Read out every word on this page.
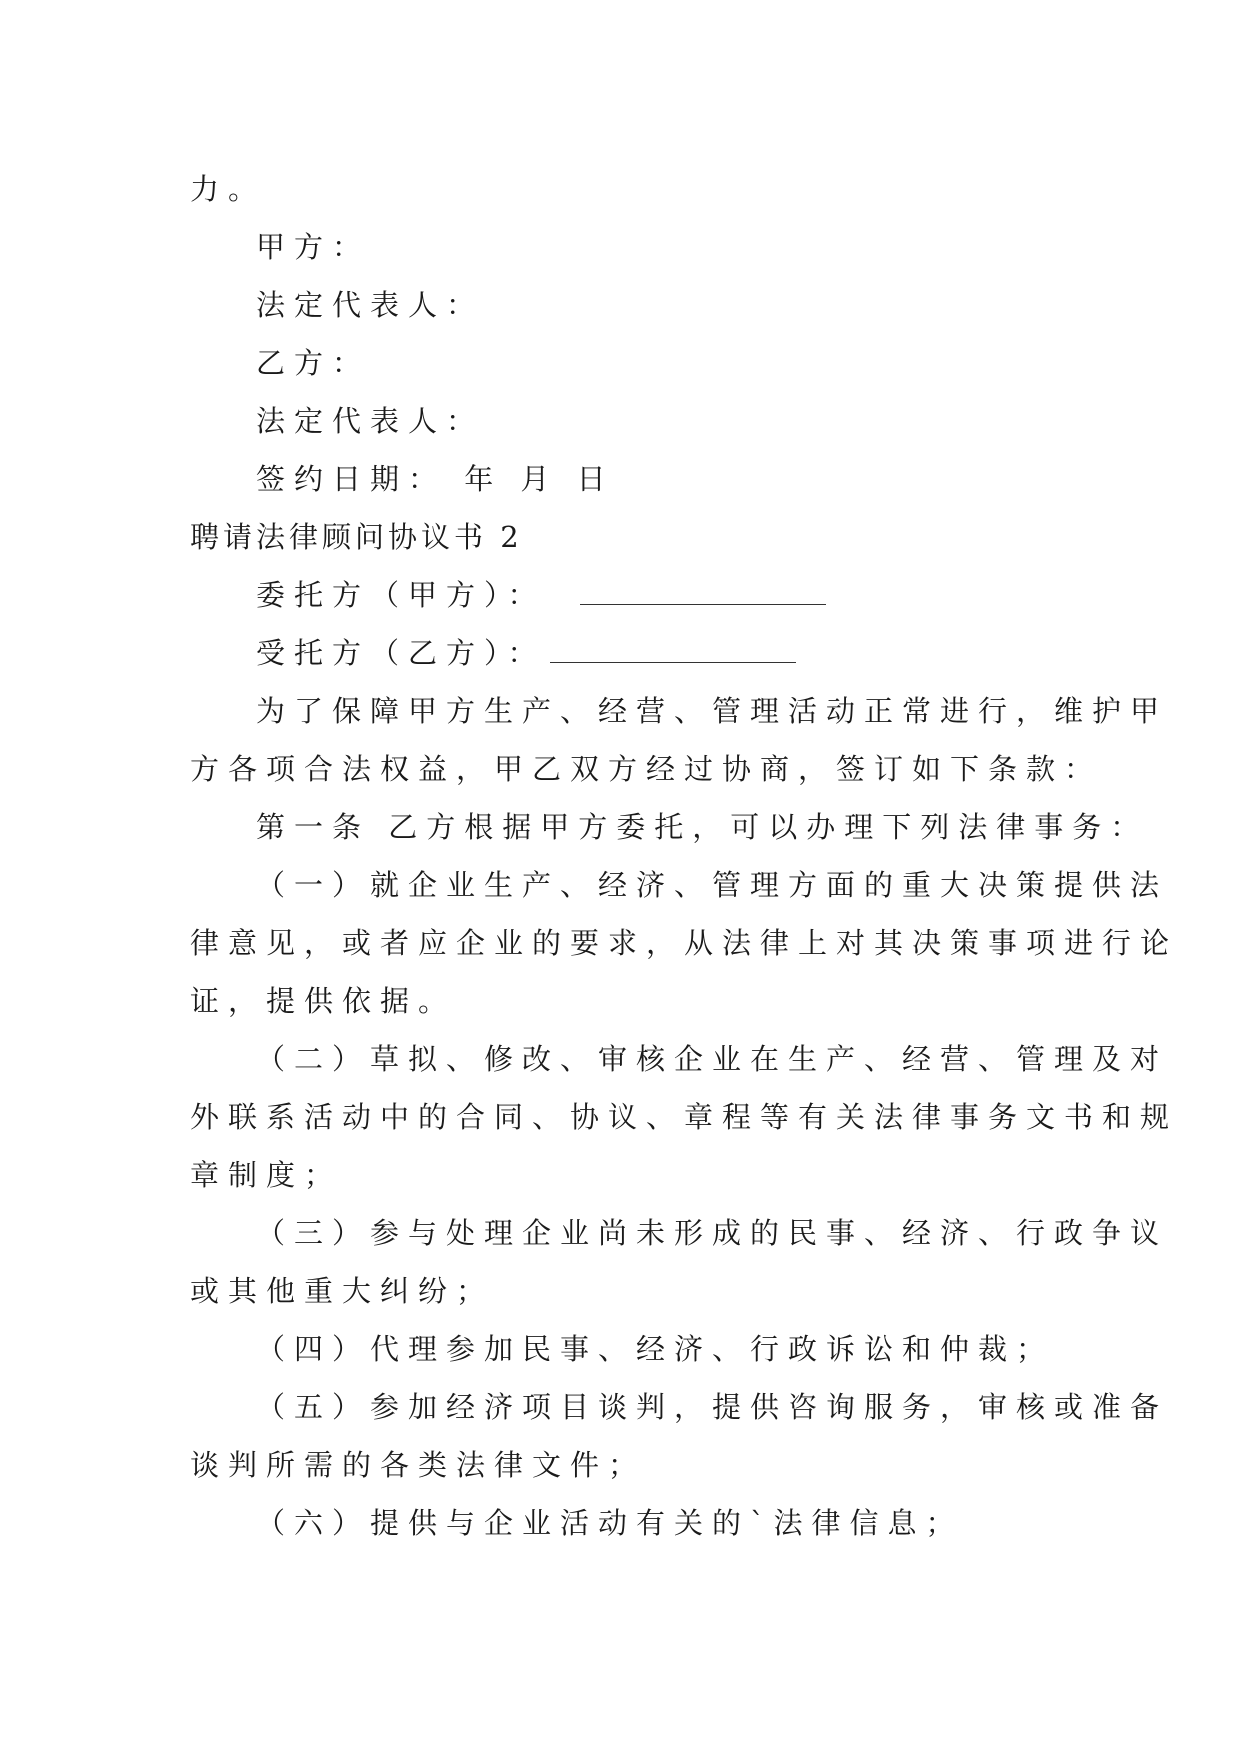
力。

甲方：

法定代表人：

乙方：

法定代表人：

签约日期： 年 月 日

聘请法律顾问协议书 2

委托方（甲方）：

受托方（乙方）：

为了保障甲方生产、经营、管理活动正常进行，维护甲

方各项合法权益，甲乙双方经过协商，签订如下条款：

第一条 乙方根据甲方委托，可以办理下列法律事务：

（一）就企业生产、经济、管理方面的重大决策提供法

律意见，或者应企业的要求，从法律上对其决策事项进行论

证，提供依据。

（二）草拟、修改、审核企业在生产、经营、管理及对

外联系活动中的合同、协议、章程等有关法律事务文书和规

章制度；

（三）参与处理企业尚未形成的民事、经济、行政争议

或其他重大纠纷；

（四）代理参加民事、经济、行政诉讼和仲裁；

（五）参加经济项目谈判，提供咨询服务，审核或准备

谈判所需的各类法律文件；

（六）提供与企业活动有关的`法律信息；
